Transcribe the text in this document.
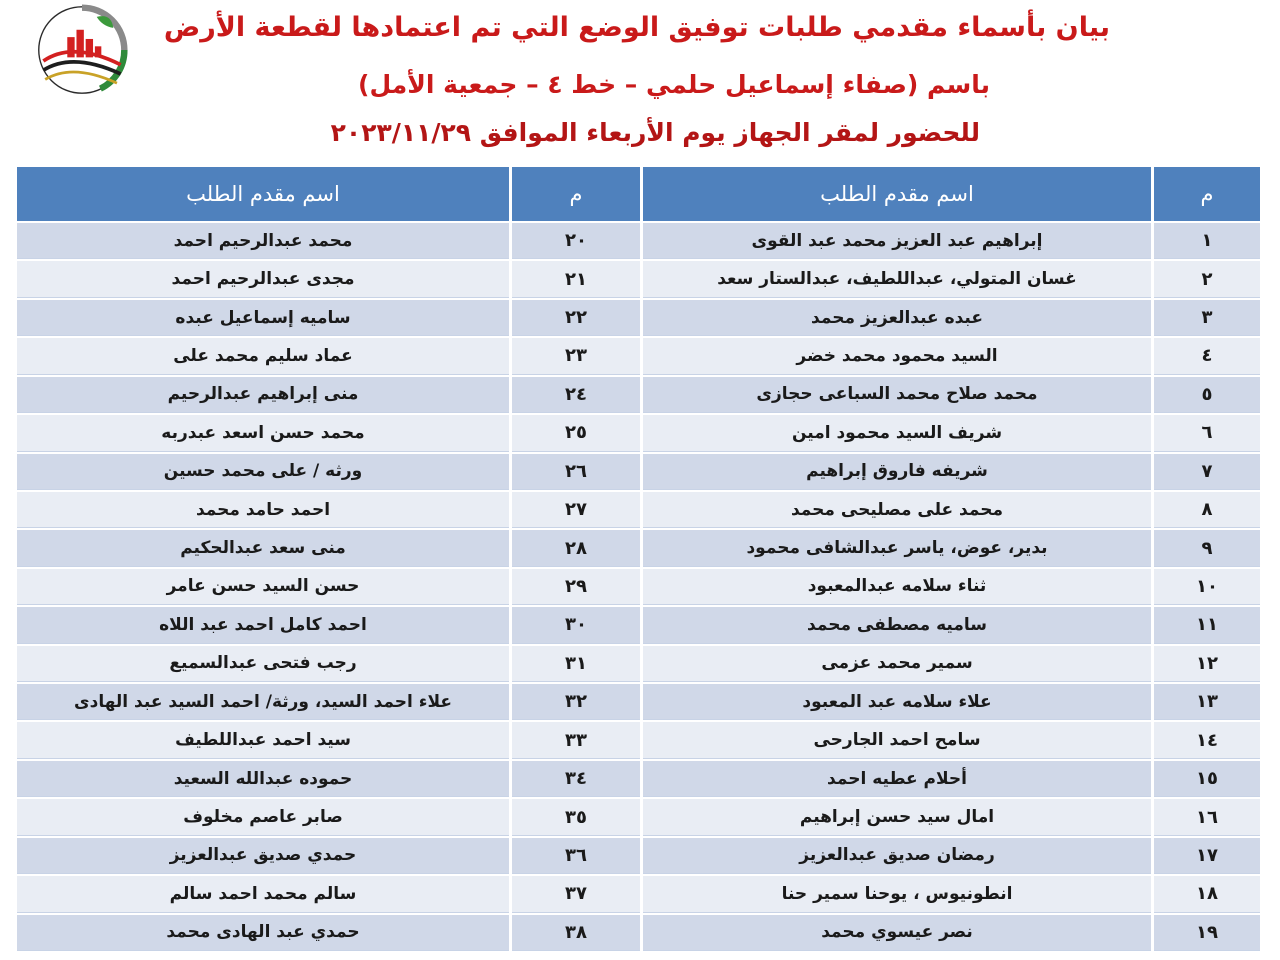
بيان بأسماء مقدمي طلبات توفيق الوضع التي تم اعتمادها لقطعة الأرض
باسم (صفاء إسماعيل حلمي – خط ٤ – جمعية الأمل)
للحضور لمقر الجهاز يوم الأربعاء الموافق ٢٠٢٣/١١/٢٩
م
اسم مقدم الطلب
م
اسم مقدم الطلب
١
إبراهيم عبد العزيز محمد عبد القوى
٢٠
محمد عبدالرحيم احمد
٢
غسان المتولي، عبداللطيف، عبدالستار سعد
٢١
مجدى عبدالرحيم احمد
٣
عبده عبدالعزيز محمد
٢٢
ساميه إسماعيل عبده
٤
السيد محمود محمد خضر
٢٣
عماد سليم محمد على
٥
محمد صلاح محمد السباعى حجازى
٢٤
منى إبراهيم عبدالرحيم
٦
شريف السيد محمود امين
٢٥
محمد حسن اسعد عبدربه
٧
شريفه فاروق إبراهيم
٢٦
ورثه / على محمد حسين
٨
محمد على مصليحى محمد
٢٧
احمد حامد محمد
٩
بدير، عوض، ياسر عبدالشافى محمود
٢٨
منى سعد عبدالحكيم
١٠
ثناء سلامه عبدالمعبود
٢٩
حسن السيد حسن عامر
١١
ساميه مصطفى محمد
٣٠
احمد كامل احمد عبد اللاه
١٢
سمير محمد عزمى
٣١
رجب فتحى عبدالسميع
١٣
علاء سلامه عبد المعبود
٣٢
علاء احمد السيد، ورثة/ احمد السيد عبد الهادى
١٤
سامح احمد الجارحى
٣٣
سيد احمد عبداللطيف
١٥
أحلام عطيه احمد
٣٤
حموده عبدالله السعيد
١٦
امال سيد حسن إبراهيم
٣٥
صابر عاصم مخلوف
١٧
رمضان صديق عبدالعزيز
٣٦
حمدي صديق عبدالعزيز
١٨
انطونيوس ، يوحنا سمير حنا
٣٧
سالم محمد احمد سالم
١٩
نصر عيسوي محمد
٣٨
حمدي عبد الهادى محمد
